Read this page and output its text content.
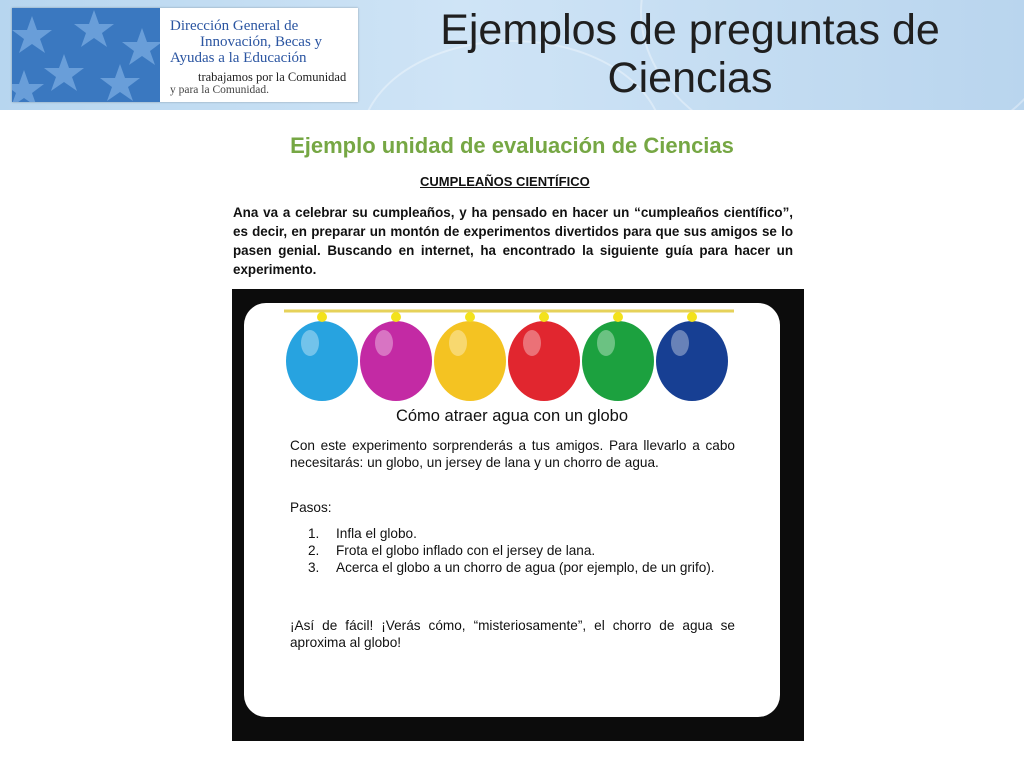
Dirección General de
Innovación, Becas y
Ayudas a la Educación
trabajamos por la Comunidad
y para la Comunidad.
Ejemplos de preguntas de
Ciencias
Ejemplo unidad de evaluación de Ciencias
CUMPLEAÑOS CIENTÍFICO

Ana va a celebrar su cumpleaños, y ha pensado en hacer un “cumpleaños científico”, es decir, en preparar un montón de experimentos divertidos para que sus amigos se lo pasen genial. Buscando en internet, ha encontrado la siguiente guía para hacer un experimento.

Cómo atraer agua con un globo

Con este experimento sorprenderás a tus amigos. Para llevarlo a cabo necesitarás: un globo, un jersey de lana y un chorro de agua.

Pasos:

1.	Infla el globo.
2.	Frota el globo inflado con el jersey de lana.
3.	Acerca el globo a un chorro de agua (por ejemplo, de un grifo).

¡Así de fácil! ¡Verás cómo, “misteriosamente”, el chorro de agua se aproxima al globo!
